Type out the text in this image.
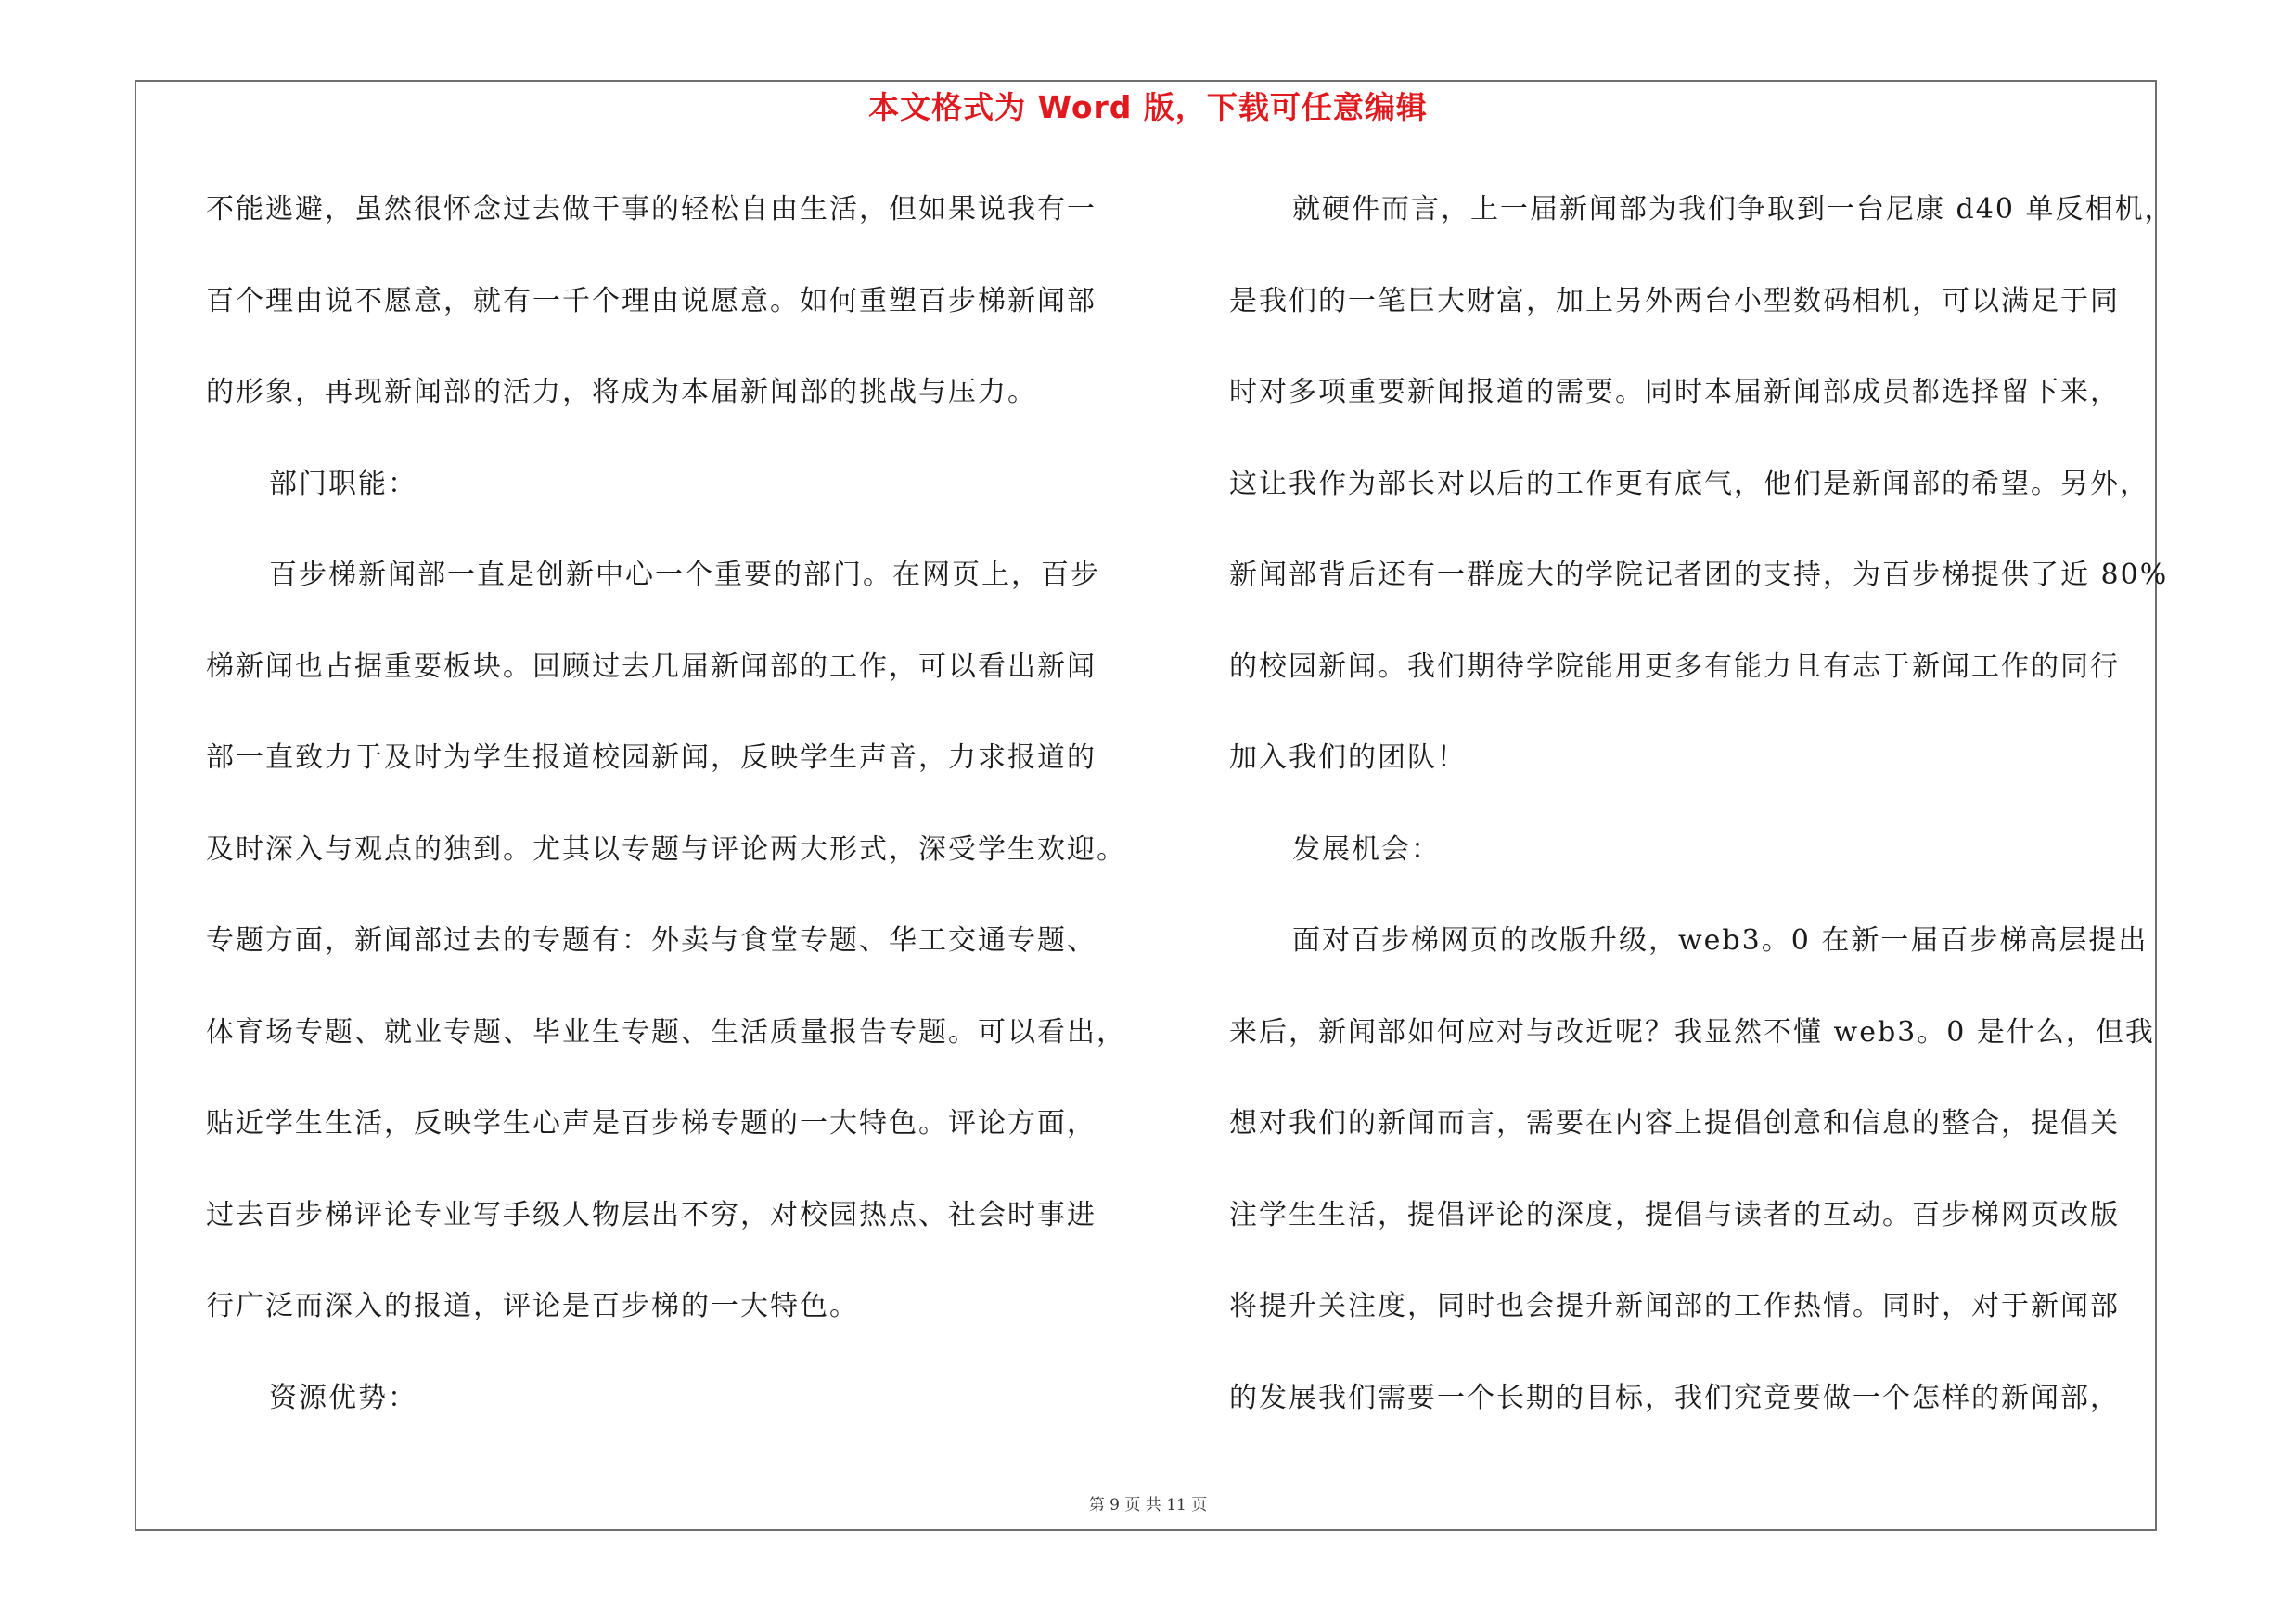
本文格式为 Word 版，下载可任意编辑
不能逃避，虽然很怀念过去做干事的轻松自由生活，但如果说我有一
百个理由说不愿意，就有一千个理由说愿意。如何重塑百步梯新闻部
的形象，再现新闻部的活力，将成为本届新闻部的挑战与压力。
部门职能：
百步梯新闻部一直是创新中心一个重要的部门。在网页上，百步
梯新闻也占据重要板块。回顾过去几届新闻部的工作，可以看出新闻
部一直致力于及时为学生报道校园新闻，反映学生声音，力求报道的
及时深入与观点的独到。尤其以专题与评论两大形式，深受学生欢迎。
专题方面，新闻部过去的专题有：外卖与食堂专题、华工交通专题、
体育场专题、就业专题、毕业生专题、生活质量报告专题。可以看出，
贴近学生生活，反映学生心声是百步梯专题的一大特色。评论方面，
过去百步梯评论专业写手级人物层出不穷，对校园热点、社会时事进
行广泛而深入的报道，评论是百步梯的一大特色。
资源优势：
就硬件而言，上一届新闻部为我们争取到一台尼康 d40 单反相机，
是我们的一笔巨大财富，加上另外两台小型数码相机，可以满足于同
时对多项重要新闻报道的需要。同时本届新闻部成员都选择留下来，
这让我作为部长对以后的工作更有底气，他们是新闻部的希望。另外，
新闻部背后还有一群庞大的学院记者团的支持，为百步梯提供了近 80%
的校园新闻。我们期待学院能用更多有能力且有志于新闻工作的同行
加入我们的团队！
发展机会：
面对百步梯网页的改版升级，web3。0 在新一届百步梯高层提出
来后，新闻部如何应对与改近呢？我显然不懂 web3。0 是什么，但我
想对我们的新闻而言，需要在内容上提倡创意和信息的整合，提倡关
注学生生活，提倡评论的深度，提倡与读者的互动。百步梯网页改版
将提升关注度，同时也会提升新闻部的工作热情。同时，对于新闻部
的发展我们需要一个长期的目标，我们究竟要做一个怎样的新闻部，
第 9 页 共 11 页
